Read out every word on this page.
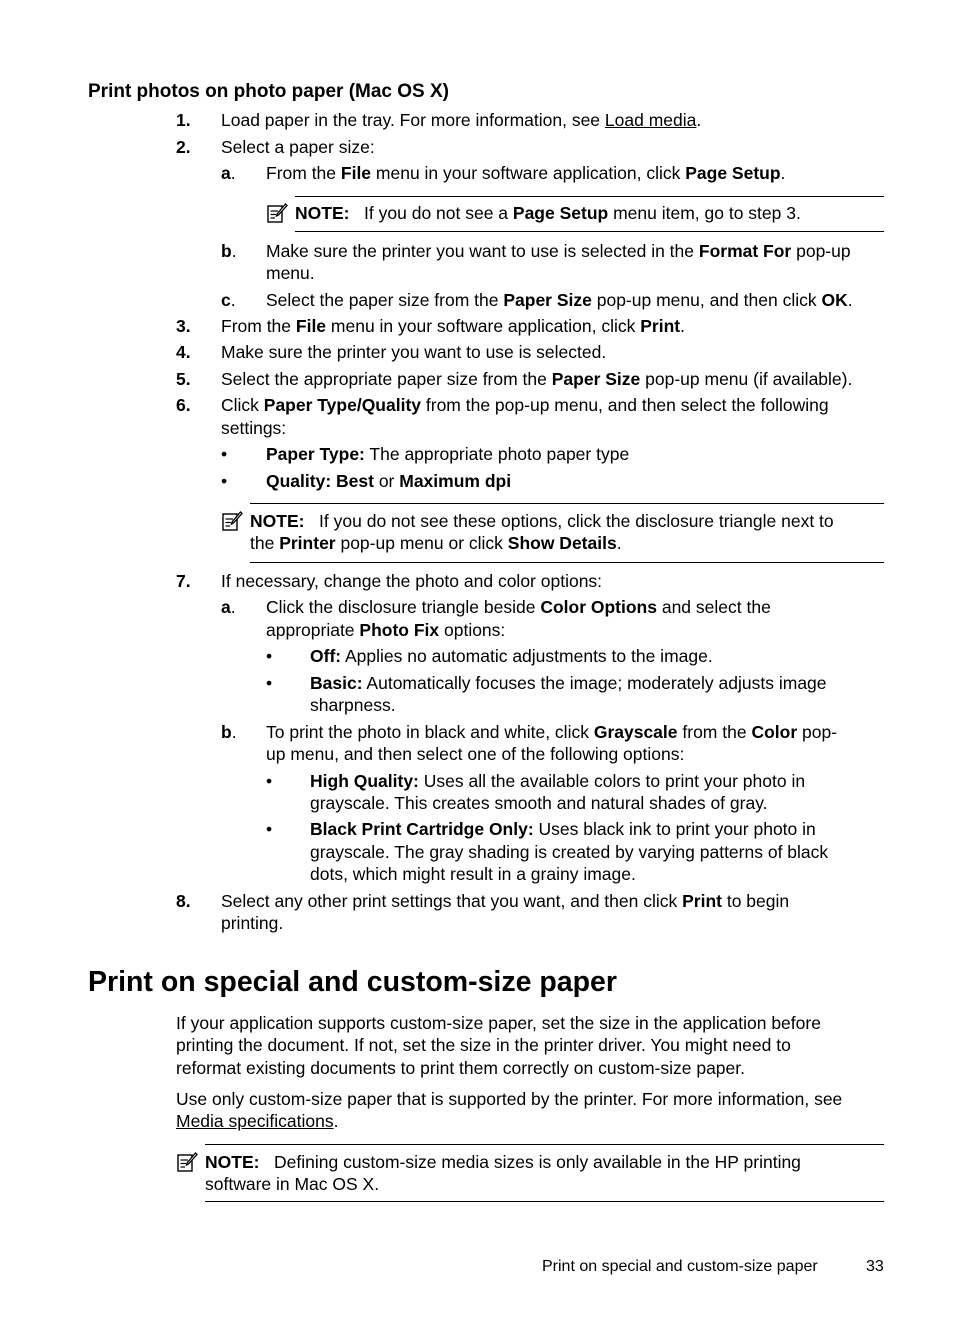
Print photos on photo paper (Mac OS X)
1. Load paper in the tray. For more information, see Load media.
2. Select a paper size:
a. From the File menu in your software application, click Page Setup.
NOTE: If you do not see a Page Setup menu item, go to step 3.
b. Make sure the printer you want to use is selected in the Format For pop-up
menu.
c. Select the paper size from the Paper Size pop-up menu, and then click OK.
3. From the File menu in your software application, click Print.
4. Make sure the printer you want to use is selected.
5. Select the appropriate paper size from the Paper Size pop-up menu (if available).
6. Click Paper Type/Quality from the pop-up menu, and then select the following
settings:
• Paper Type: The appropriate photo paper type
• Quality: Best or Maximum dpi
NOTE: If you do not see these options, click the disclosure triangle next to
the Printer pop-up menu or click Show Details.
7. If necessary, change the photo and color options:
a. Click the disclosure triangle beside Color Options and select the
appropriate Photo Fix options:
• Off: Applies no automatic adjustments to the image.
• Basic: Automatically focuses the image; moderately adjusts image
sharpness.
b. To print the photo in black and white, click Grayscale from the Color pop-
up menu, and then select one of the following options:
• High Quality: Uses all the available colors to print your photo in
grayscale. This creates smooth and natural shades of gray.
• Black Print Cartridge Only: Uses black ink to print your photo in
grayscale. The gray shading is created by varying patterns of black
dots, which might result in a grainy image.
8. Select any other print settings that you want, and then click Print to begin
printing.
Print on special and custom-size paper
If your application supports custom-size paper, set the size in the application before
printing the document. If not, set the size in the printer driver. You might need to
reformat existing documents to print them correctly on custom-size paper.
Use only custom-size paper that is supported by the printer. For more information, see
Media specifications.
NOTE: Defining custom-size media sizes is only available in the HP printing
software in Mac OS X.
Print on special and custom-size paper	33
